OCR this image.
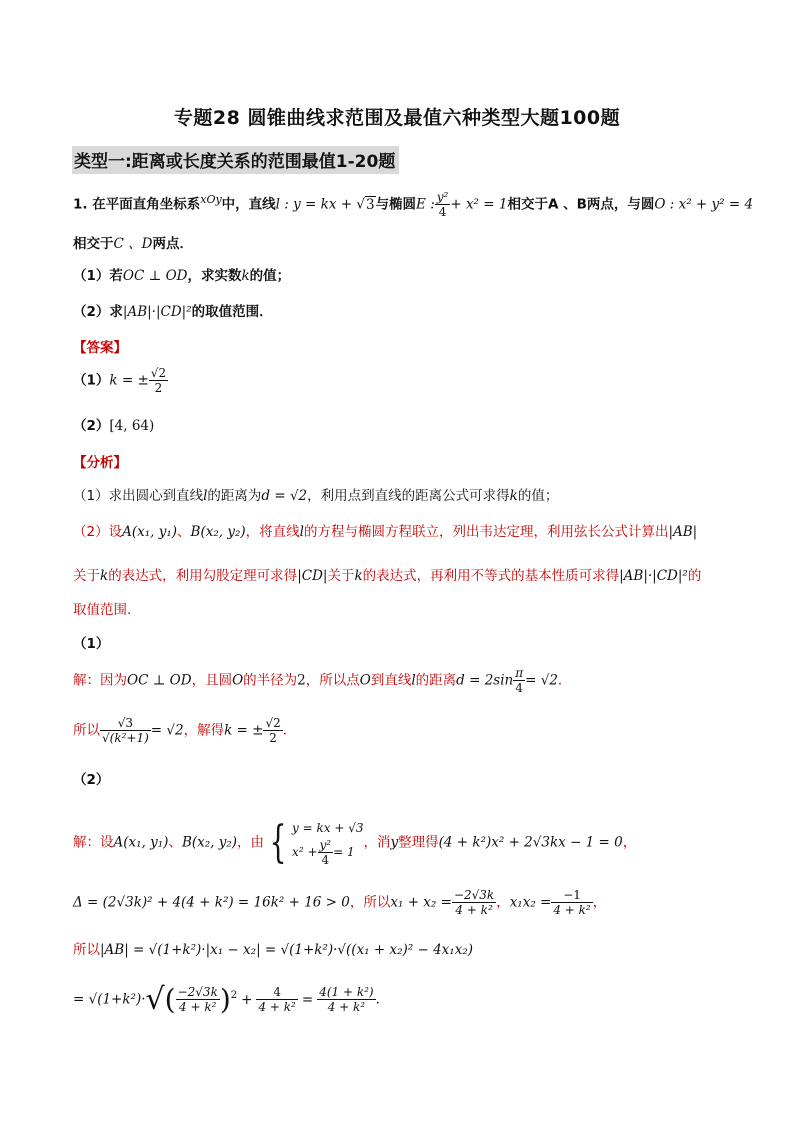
专题28 圆锥曲线求范围及最值六种类型大题100题
类型一:距离或长度关系的范围最值1-20题
1. 在平面直角坐标系$^{xOy}$中，直线l : y = kx + √3与椭圆E : $\frac{\text{y²}}{4} + x^2 = 1$相交于A 、B两点，与圆O : x² + y² = 4
相交于C 、D两点．
（1）若OC ⊥ OD，求实数k的值；
（2）求|AB|·|CD|²的取值范围．
【答案】
（1）k = ± $\frac{√2}{2}$
（2）[4, 64)
【分析】
（1）求出圆心到直线l的距离为d = √2，利用点到直线的距离公式可求得k的值；
（2）设A(x₁, y₁)、B(x₂, y₂)，将直线l的方程与椭圆方程联立，列出韦达定理，利用弦长公式计算出|AB|
关于k的表达式，利用勾股定理可求得|CD|关于k的表达式，再利用不等式的基本性质可求得|AB|·|CD|²的
取值范围.
（1）
解：因为OC ⊥ OD，且圆O的半径为2，所以点O到直线l的距离$d = 2\sin \frac{\pi}{4} = √2$．
所以 $\frac{√3}{\text{√(k²+1)}} = √2$，解得k = ± $\frac{√2}{2}$ ．
（2）
解：设A(x₁, y₁)、B(x₂, y₂)，由 { y = kx + √3
$x^2 + \frac{\text{y²}}{4} = 1$
，消y整理得(4 + k²)x² + 2√3kx − 1 = 0，
Δ = (2√3k)² + 4(4 + k²) = 16k² + 16 > 0，所以$x_1 + x_2 = \frac{-2√3k}{\text{4 + k²}}$ ，$x_1x_2 = \frac{-1}{\text{4 + k²}}$ ，
所以|AB| = √(1+k²)·|x₁ − x₂| = √(1+k²)·√((x₁ + x₂)² − 4x₁x₂)
= $√(1+k^2)\cdot√( \frac{-2√3k}{\text{4 + k²}} )^2 + \frac{4}{\text{4 + k²}} = \frac{\text{4(1 + k²)}}{\text{4 + k²}}$ ．
